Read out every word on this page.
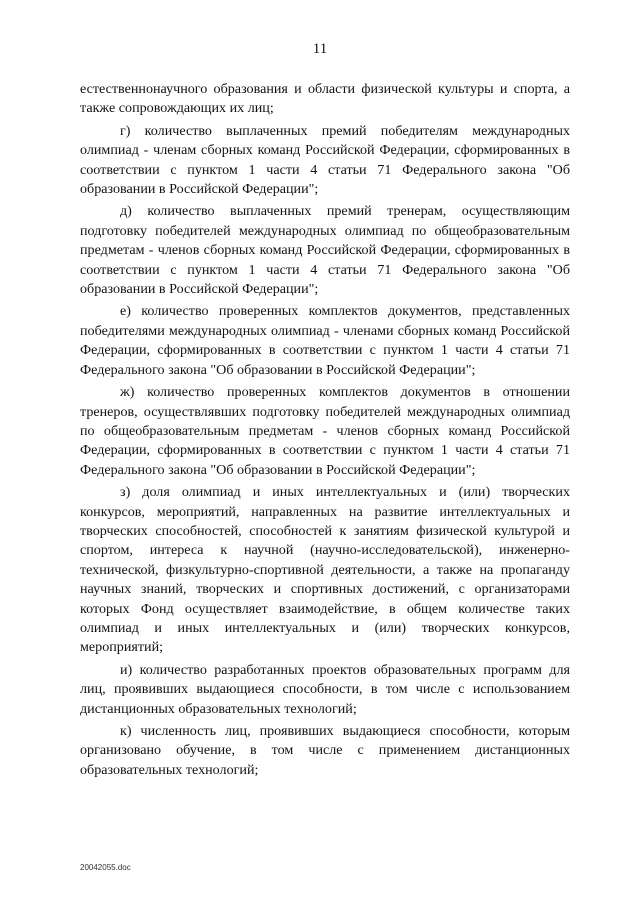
11

естественнонаучного образования и области физической культуры и спорта, а также сопровождающих их лиц;

г) количество выплаченных премий победителям международных олимпиад - членам сборных команд Российской Федерации, сформированных в соответствии с пунктом 1 части 4 статьи 71 Федерального закона "Об образовании в Российской Федерации";

д) количество выплаченных премий тренерам, осуществляющим подготовку победителей международных олимпиад по общеобразовательным предметам - членов сборных команд Российской Федерации, сформированных в соответствии с пунктом 1 части 4 статьи 71 Федерального закона "Об образовании в Российской Федерации";

е) количество проверенных комплектов документов, представленных победителями международных олимпиад - членами сборных команд Российской Федерации, сформированных в соответствии с пунктом 1 части 4 статьи 71 Федерального закона "Об образовании в Российской Федерации";

ж) количество проверенных комплектов документов в отношении тренеров, осуществлявших подготовку победителей международных олимпиад по общеобразовательным предметам - членов сборных команд Российской Федерации, сформированных в соответствии с пунктом 1 части 4 статьи 71 Федерального закона "Об образовании в Российской Федерации";

з) доля олимпиад и иных интеллектуальных и (или) творческих конкурсов, мероприятий, направленных на развитие интеллектуальных и творческих способностей, способностей к занятиям физической культурой и спортом, интереса к научной (научно-исследовательской), инженерно-технической, физкультурно-спортивной деятельности, а также на пропаганду научных знаний, творческих и спортивных достижений, с организаторами которых Фонд осуществляет взаимодействие, в общем количестве таких олимпиад и иных интеллектуальных и (или) творческих конкурсов, мероприятий;

и) количество разработанных проектов образовательных программ для лиц, проявивших выдающиеся способности, в том числе с использованием дистанционных образовательных технологий;

к) численность лиц, проявивших выдающиеся способности, которым организовано обучение, в том числе с применением дистанционных образовательных технологий;

20042055.doc
